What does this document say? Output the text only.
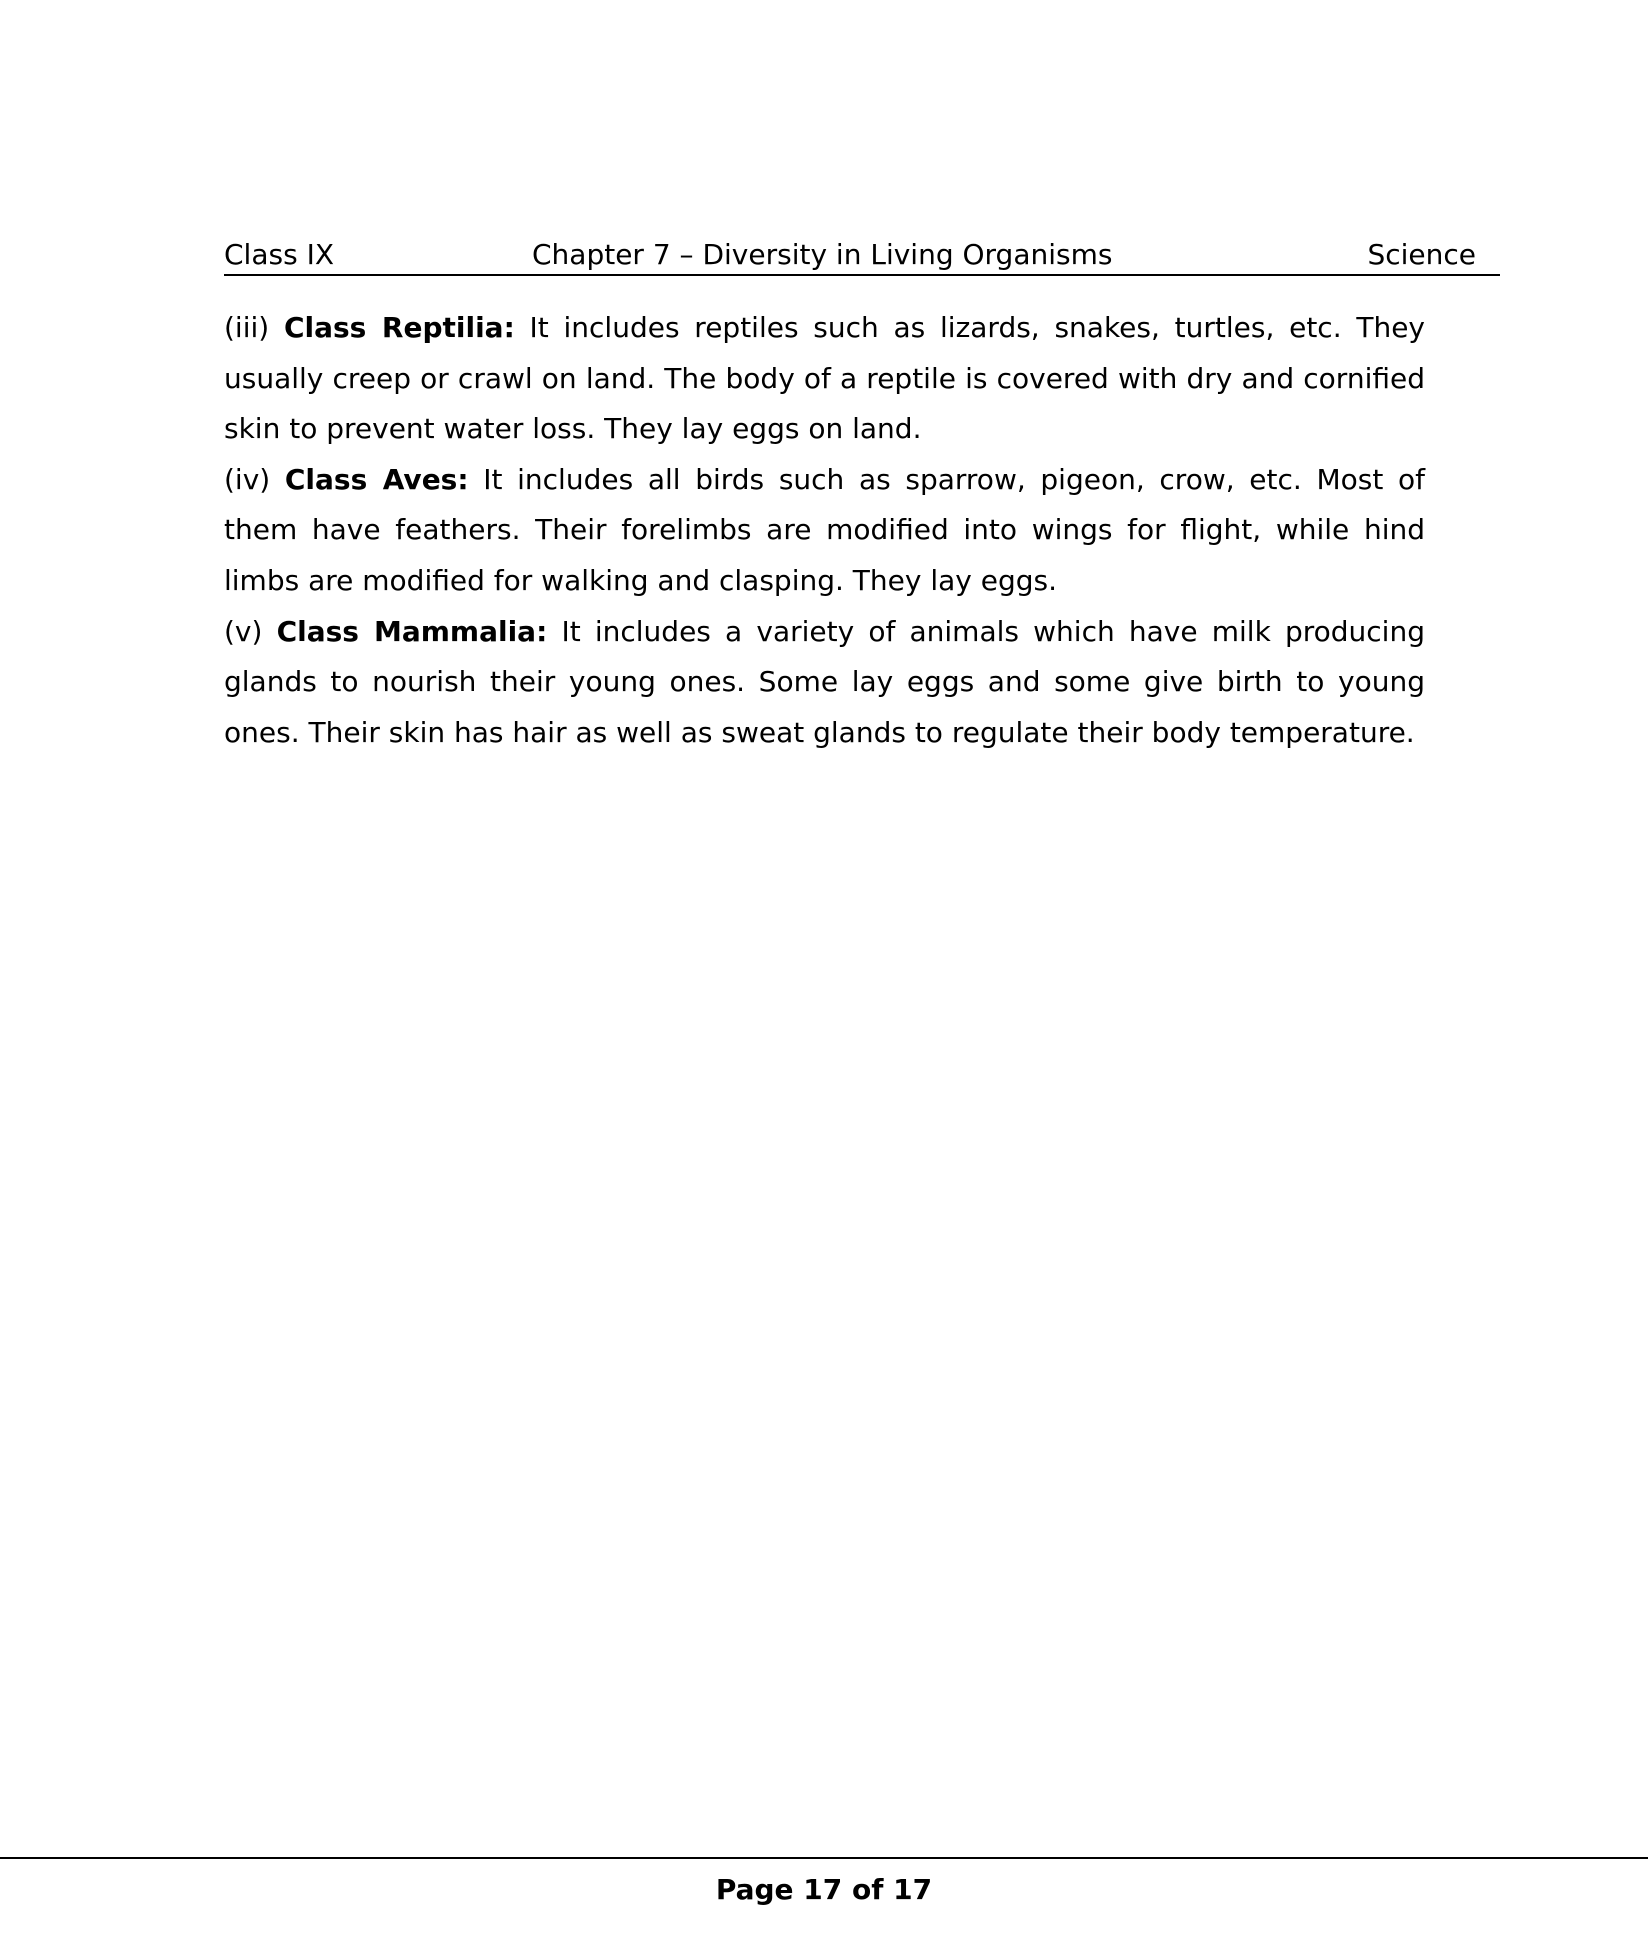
Class IX	Chapter 7 – Diversity in Living Organisms	Science

(iii) Class Reptilia: It includes reptiles such as lizards, snakes, turtles, etc. They usually creep or crawl on land. The body of a reptile is covered with dry and cornified skin to prevent water loss. They lay eggs on land.

(iv) Class Aves: It includes all birds such as sparrow, pigeon, crow, etc. Most of them have feathers. Their forelimbs are modified into wings for flight, while hind limbs are modified for walking and clasping. They lay eggs.

(v) Class Mammalia: It includes a variety of animals which have milk producing glands to nourish their young ones. Some lay eggs and some give birth to young ones. Their skin has hair as well as sweat glands to regulate their body temperature.

Page 17 of 17
